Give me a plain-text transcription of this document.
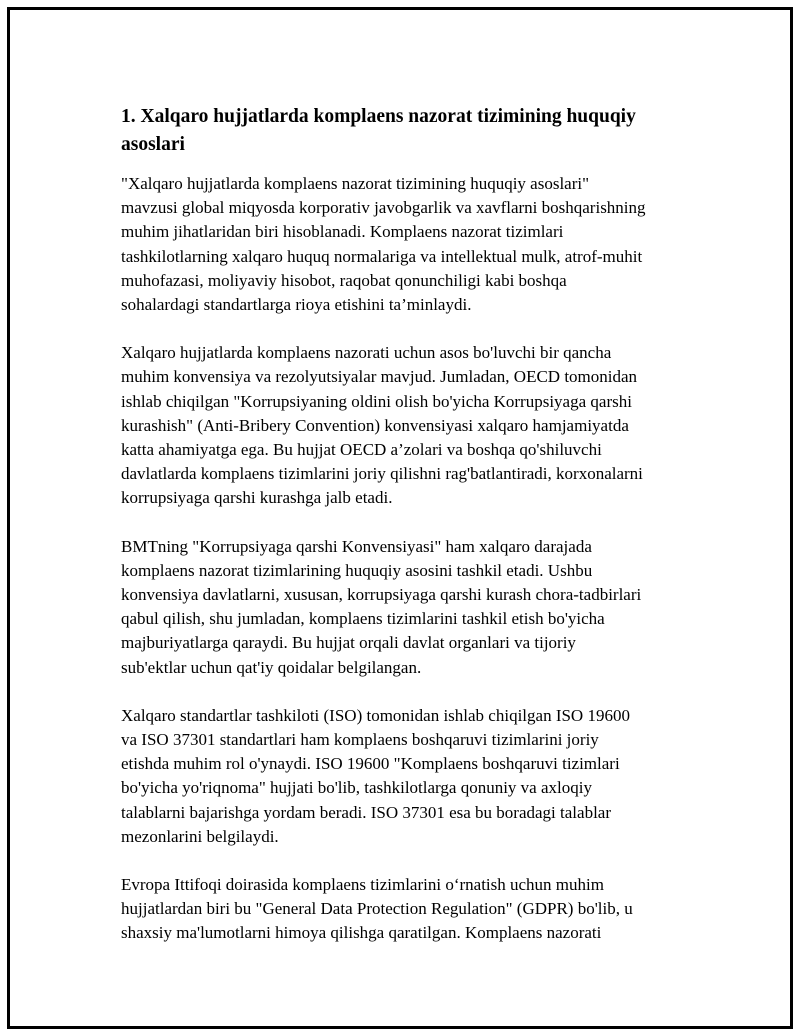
1. Xalqaro hujjatlarda komplaens nazorat tizimining huquqiy
asoslari

"Xalqaro hujjatlarda komplaens nazorat tizimining huquqiy asoslari"
mavzusi global miqyosda korporativ javobgarlik va xavflarni boshqarishning
muhim jihatlaridan biri hisoblanadi. Komplaens nazorat tizimlari
tashkilotlarning xalqaro huquq normalariga va intellektual mulk, atrof-muhit
muhofazasi, moliyaviy hisobot, raqobat qonunchiligi kabi boshqa
sohalardagi standartlarga rioya etishini ta’minlaydi.

Xalqaro hujjatlarda komplaens nazorati uchun asos bo'luvchi bir qancha
muhim konvensiya va rezolyutsiyalar mavjud. Jumladan, OECD tomonidan
ishlab chiqilgan "Korrupsiyaning oldini olish bo'yicha Korrupsiyaga qarshi
kurashish" (Anti-Bribery Convention) konvensiyasi xalqaro hamjamiyatda
katta ahamiyatga ega. Bu hujjat OECD a’zolari va boshqa qo'shiluvchi
davlatlarda komplaens tizimlarini joriy qilishni rag'batlantiradi, korxonalarni
korrupsiyaga qarshi kurashga jalb etadi.

BMTning "Korrupsiyaga qarshi Konvensiyasi" ham xalqaro darajada
komplaens nazorat tizimlarining huquqiy asosini tashkil etadi. Ushbu
konvensiya davlatlarni, xususan, korrupsiyaga qarshi kurash chora-tadbirlari
qabul qilish, shu jumladan, komplaens tizimlarini tashkil etish bo'yicha
majburiyatlarga qaraydi. Bu hujjat orqali davlat organlari va tijoriy
sub'ektlar uchun qat'iy qoidalar belgilangan.

Xalqaro standartlar tashkiloti (ISO) tomonidan ishlab chiqilgan ISO 19600
va ISO 37301 standartlari ham komplaens boshqaruvi tizimlarini joriy
etishda muhim rol o'ynaydi. ISO 19600 "Komplaens boshqaruvi tizimlari
bo'yicha yo'riqnoma" hujjati bo'lib, tashkilotlarga qonuniy va axloqiy
talablarni bajarishga yordam beradi. ISO 37301 esa bu boradagi talablar
mezonlarini belgilaydi.

Evropa Ittifoqi doirasida komplaens tizimlarini o‘rnatish uchun muhim
hujjatlardan biri bu "General Data Protection Regulation" (GDPR) bo'lib, u
shaxsiy ma'lumotlarni himoya qilishga qaratilgan. Komplaens nazorati
